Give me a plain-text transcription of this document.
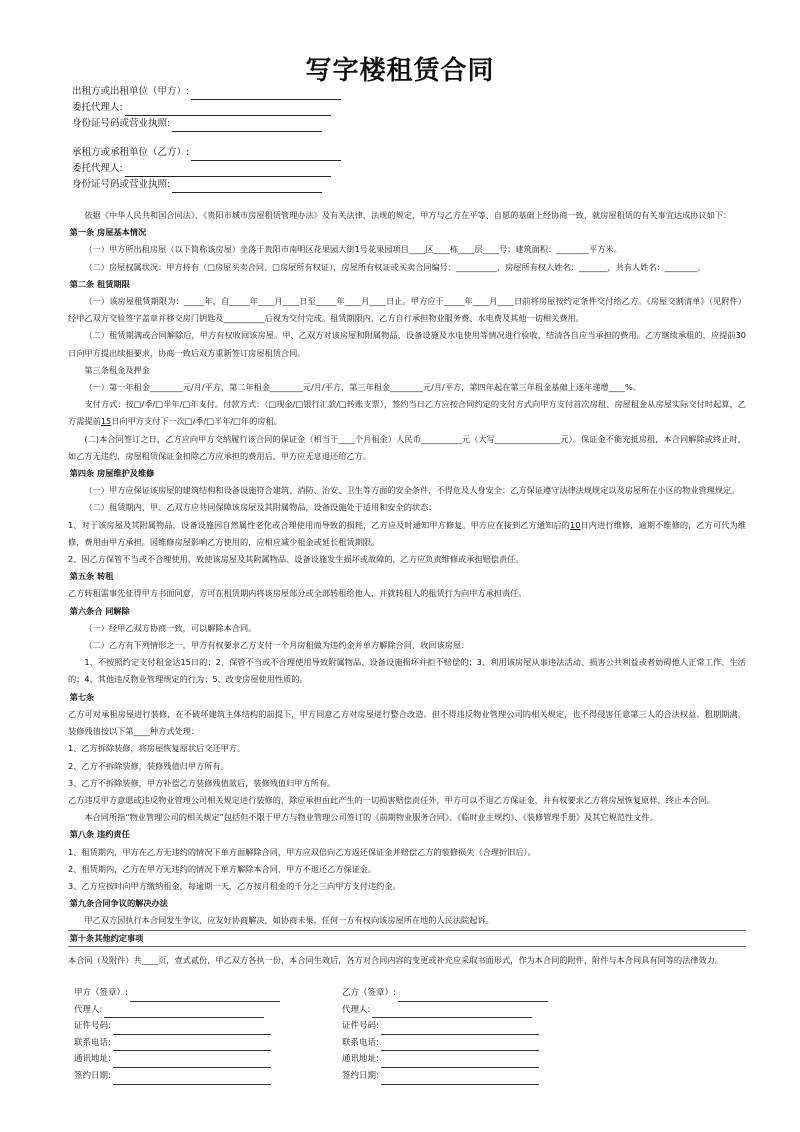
写字楼租赁合同
出租方或出租单位（甲方）:
委托代理人:
身份证号码或营业执照:
承租方或承租单位（乙方）:
委托代理人:
身份证号码或营业执照:

依据《中华人民共和国合同法》、《贵阳市城市房屋租赁管理办法》及有关法律、法规的规定，甲方与乙方在平等、自愿的基础上经协商一致，就房屋租赁的有关事宜达成协议如下：

第一条 房屋基本情况

（一）甲方所出租房屋（以下简称该房屋）坐落于贵阳市南明区花果园大街1号花果园项目____区____栋____层____号；建筑面积：________平方米。

（二）房屋权属状况：甲方持有（□房屋买卖合同、□房屋所有权证），房屋所有权证或买卖合同编号：__________，房屋所有权人姓名：_______，共有人姓名：________。

第二条 租赁期限

（一）该房屋租赁期限为：_____年，自_____年____月____日至_____年____月____日止。甲方应于_____年____月____日前将房屋按约定条件交付给乙方。《房屋交割清单》（见附件）经甲乙双方交验签字盖章并移交房门钥匙及__________后视为交付完成。租赁期限内，乙方自行承担物业服务费、水电费及其他一切相关费用。

（二）租赁期满或合同解除后，甲方有权收回该房屋。甲、乙双方对该房屋和附属物品、设备设施及水电使用等情况进行验收，结清各自应当承担的费用。乙方继续承租的，应提前30日向甲方提出续租要求，协商一致后双方重新签订房屋租赁合同。

第三条租金及押金

（一）第一年租金________元/月/平方，第二年租金________元/月/平方，第三年租金________元/月/平方，第四年起在第三年租金基础上逐年递增____%。

支付方式：按□/季/□半年/□年支付。付款方式：（□现金/□银行汇款/□转账支票），签约当日乙方应按合同约定的支付方式向甲方支付首次房租、房屋租金从房屋实际交付时起算，乙方需提前15日向甲方支付下一次□/季/□半年/□年的房租。

(二)本合同签订之日，乙方应向甲方交纳履行该合同的保证金（相当于____个月租金）人民币__________元（大写________________元）。保证金不能充抵房租，本合同解除或终止时，如乙方无违约，房屋租赁保证金扣除乙方应承担的费用后，甲方应无息退还给乙方。

第四条 房屋维护及维修

（一）甲方应保证该房屋的建筑结构和设备设施符合建筑、消防、治安、卫生等方面的安全条件，不得危及人身安全；乙方保证遵守法律法规规定以及房屋所在小区的物业管理规定。

（二）租赁期内，甲、乙双方应共同保障该房屋及其附属物品，设备设施处于适用和安全的状态：

1、对于该房屋及其附属物品，设备设施因自然属性老化或合理使用而导致的损耗，乙方应及时通知甲方修复。甲方应在接到乙方通知后的10日内进行维修，逾期不维修的，乙方可代为维修，费用由甲方承担。因维修房屋影响乙方使用的，应相应减少租金或延长租赁期限。

2、因乙方保管不当或不合理使用，致使该房屋及其附属物品、设备设施发生损坏或故障的，乙方应负责维修或承担赔偿责任。

第五条 转租

乙方转租需事先征得甲方书面同意，方可在租赁期内将该房屋部分或全部转租给他人，并就转租人的租赁行为向甲方承担责任。

第六条合 同解除

（一）经甲乙双方协商一致，可以解除本合同。

（二）乙方有下列情形之一，甲方有权要求乙方支付一个月房租做为违约金并单方解除合同，收回该房屋：

1、不按照约定支付租金达15日的；2、保管不当或不合理使用导致附属物品、设备设施损坏并拒不赔偿的；3、利用该房屋从事违法活动、损害公共利益或者妨碍他人正常工作、生活的；4、其他违反物业管理规定的行为；5、改变房屋使用性质的。

第七条

乙方可对承租房屋进行装修，在不破坏建筑主体结构的前提下，甲方同意乙方对房屋进行整合改造。但不得违反物业管理公司的相关规定，也不得侵害任意第三人的合法权益。租期期满，装修残值按以下第____种方式处理：

1、乙方拆除装修，将房屋恢复原状后交还甲方。

2、乙方不拆除装修，装修残值归甲方所有。

3、乙方不拆除装修，甲方补偿乙方装修残值款后，装修残值归甲方所有。

乙方违反甲方意愿或违反物业管理公司相关规定进行装修的，除应承担由此产生的一切损害赔偿责任外，甲方可以不退乙方保证金，并有权要求乙方将房屋恢复原样，终止本合同。

本合同所指“物业管理公司的相关规定”包括但不限于甲方与物业管理公司签订的《前期物业服务合同》、《临时业主规约》、《装修管理手册》及其它规范性文件。

第八条 违约责任

1、租赁期内，甲方在乙方无违约的情况下单方面解除合同，甲方应双倍向乙方返还保证金并赔偿乙方的装修损失（合理折旧后）。

2、租赁期内，乙方在甲方无违约的情况下单方解除本合同，甲方不退还乙方保证金。

3、乙方应按时向甲方缴纳租金，每逾期一天，乙方按月租金的千分之三向甲方支付违约金。

第九条合同争议的解决办法

甲乙双方因执行本合同发生争议，应友好协商解决，如协商未果，任何一方有权向该房屋所在地的人民法院起诉。

第十条其他约定事项

本合同（及附件）共____页，壹式贰份，甲乙双方各执一份，本合同生效后，各方对合同内容的变更或补充应采取书面形式，作为本合同的附件，附件与本合同具有同等的法律效力。
甲方（签章）:
代理人:
证件号码:
联系电话:
通讯地址:
签约日期:
乙方（签章）:
代理人:
证件号码:
联系电话:
通讯地址:
签约日期:
